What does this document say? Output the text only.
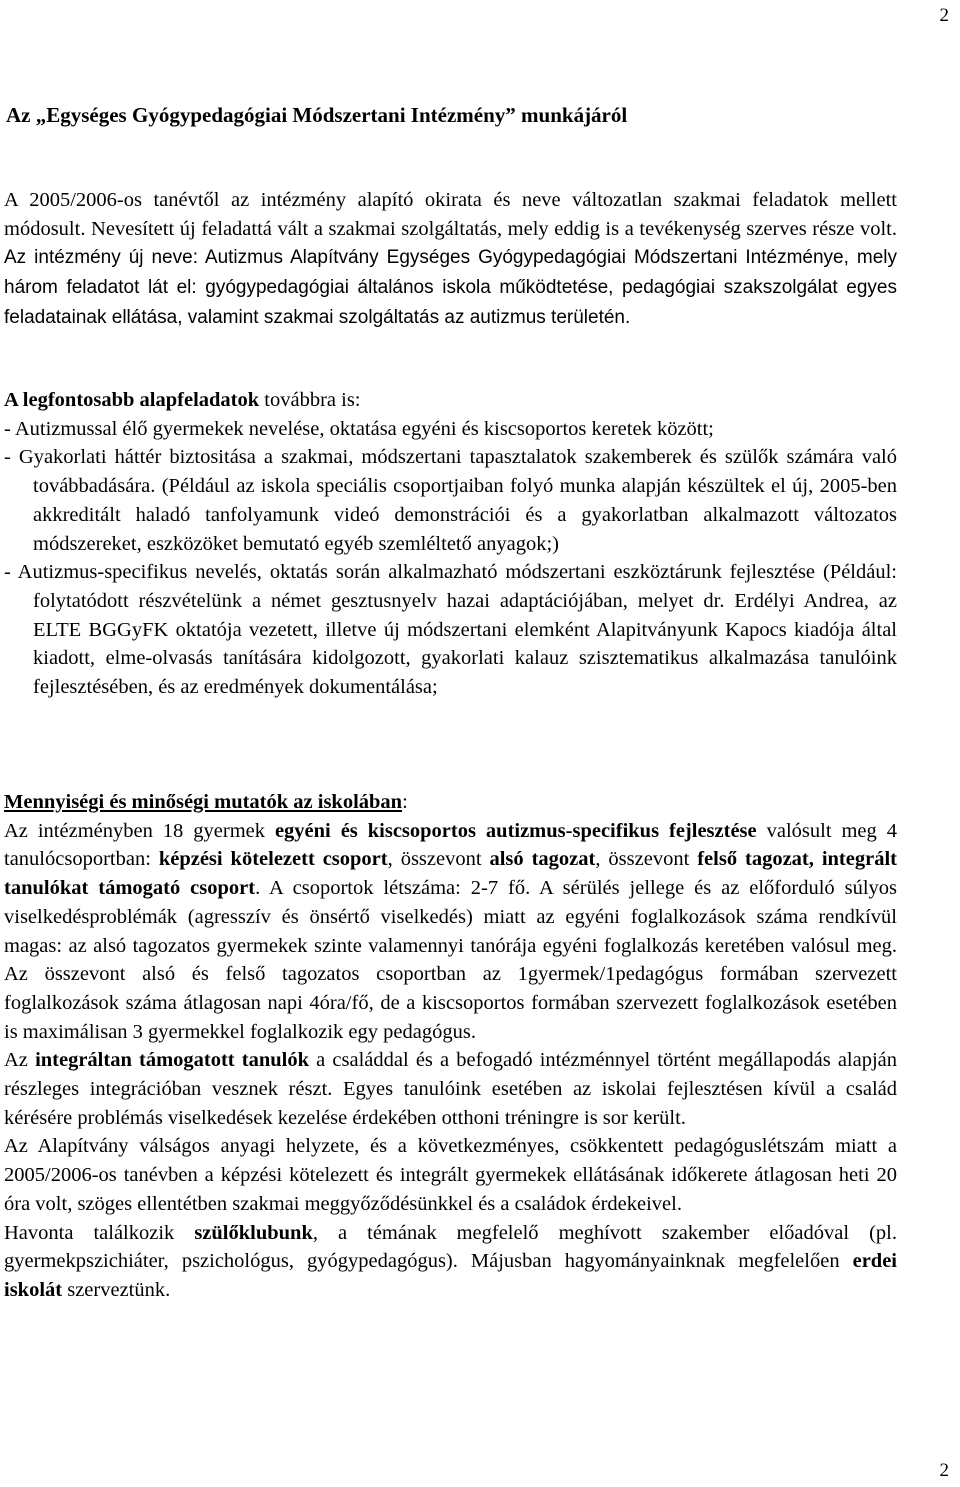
2
Az „Egységes Gyógypedagógiai Módszertani Intézmény” munkájáról

A 2005/2006-os tanévtől az intézmény alapító okirata és neve változatlan szakmai feladatok mellett módosult. Nevesített új feladattá vált a szakmai szolgáltatás, mely eddig is a tevékenység szerves része volt. Az intézmény új neve: Autizmus Alapítvány Egységes Gyógypedagógiai Módszertani Intézménye, mely három feladatot lát el: gyógypedagógiai általános iskola működtetése, pedagógiai szakszolgálat egyes feladatainak ellátása, valamint szakmai szolgáltatás az autizmus területén.

A legfontosabb alapfeladatok továbbra is:

- Autizmussal élő gyermekek nevelése, oktatása egyéni és kiscsoportos keretek között;

- Gyakorlati háttér biztositása a szakmai, módszertani tapasztalatok szakemberek és szülők számára való továbbadására. (Például az iskola speciális csoportjaiban folyó munka alapján készültek el új, 2005-ben akkreditált haladó tanfolyamunk videó demonstrációi és a gyakorlatban alkalmazott változatos módszereket, eszközöket bemutató egyéb szemléltető anyagok;)

- Autizmus-specifikus nevelés, oktatás során alkalmazható módszertani eszköztárunk fejlesztése (Például: folytatódott részvételünk a német gesztusnyelv hazai adaptációjában, melyet dr. Erdélyi Andrea, az ELTE BGGyFK oktatója vezetett, illetve új módszertani elemként Alapitványunk Kapocs kiadója által kiadott, elme-olvasás tanítására kidolgozott, gyakorlati kalauz szisztematikus alkalmazása tanulóink fejlesztésében, és az eredmények dokumentálása;

Mennyiségi és minőségi mutatók az iskolában:

Az intézményben 18 gyermek egyéni és kiscsoportos autizmus-specifikus fejlesztése valósult meg 4 tanulócsoportban: képzési kötelezett csoport, összevont alsó tagozat, összevont felső tagozat, integrált tanulókat támogató csoport. A csoportok létszáma: 2-7 fő. A sérülés jellege és az előforduló súlyos viselkedésproblémák (agresszív és önsértő viselkedés) miatt az egyéni foglalkozások száma rendkívül magas: az alsó tagozatos gyermekek szinte valamennyi tanórája egyéni foglalkozás keretében valósul meg. Az összevont alsó és felső tagozatos csoportban az 1gyermek/1pedagógus formában szervezett foglalkozások száma átlagosan napi 4óra/fő, de a kiscsoportos formában szervezett foglalkozások esetében is maximálisan 3 gyermekkel foglalkozik egy pedagógus.

Az integráltan támogatott tanulók a családdal és a befogadó intézménnyel történt megállapodás alapján részleges integrációban vesznek részt. Egyes tanulóink esetében az iskolai fejlesztésen kívül a család kérésére problémás viselkedések kezelése érdekében otthoni tréningre is sor került.

Az Alapítvány válságos anyagi helyzete, és a következményes, csökkentett pedagóguslétszám miatt a 2005/2006-os tanévben a képzési kötelezett és integrált gyermekek ellátásának időkerete átlagosan heti 20 óra volt, szöges ellentétben szakmai meggyőződésünkkel és a családok érdekeivel.

Havonta találkozik szülőklubunk, a témának megfelelő meghívott szakember előadóval (pl. gyermekpszichiáter, pszichológus, gyógypedagógus). Májusban hagyományainknak megfelelően erdei iskolát szerveztünk.

2
